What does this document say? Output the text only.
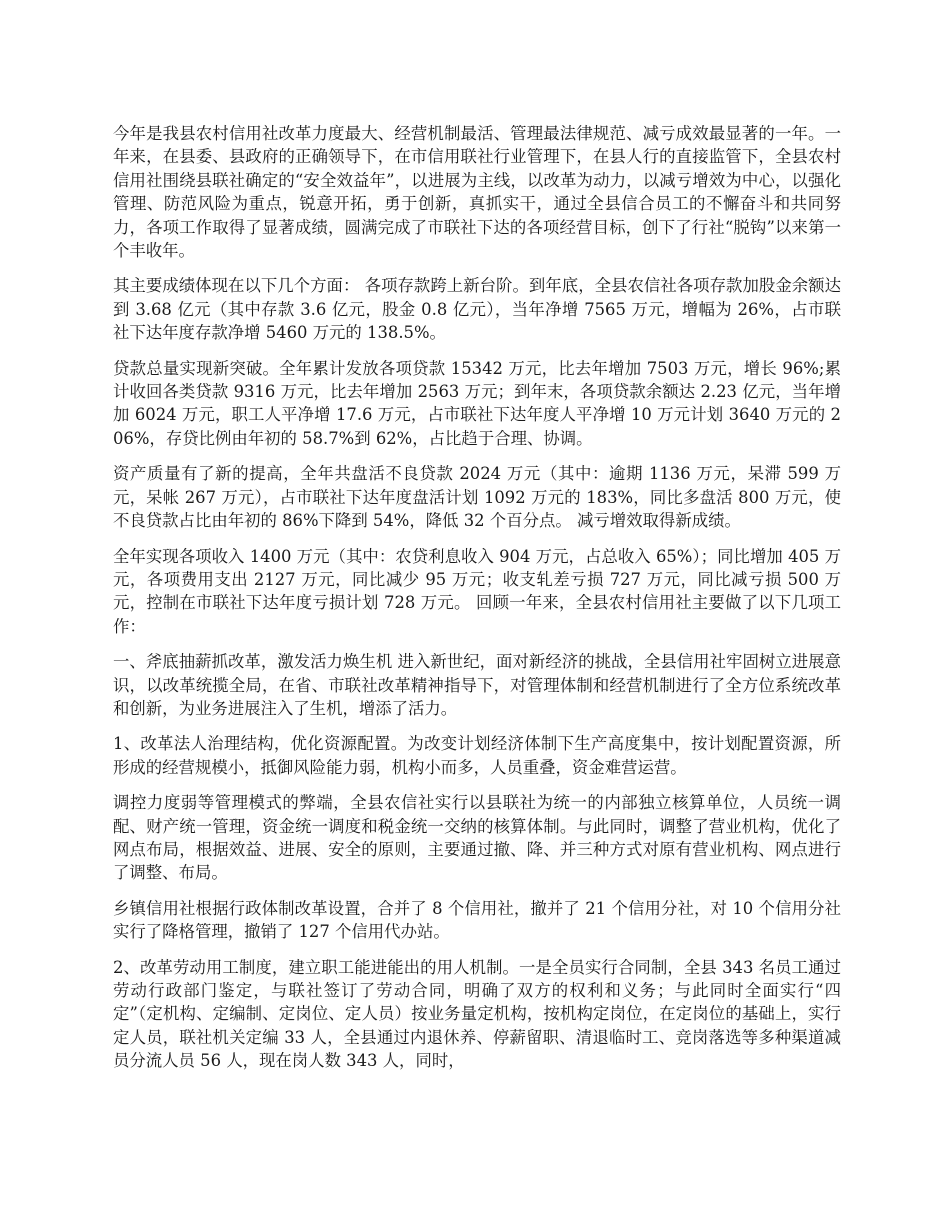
今年是我县农村信用社改革力度最大、经营机制最活、管理最法律规范、减亏成效最显著的一年。一年来，在县委、县政府的正确领导下，在市信用联社行业管理下，在县人行的直接监管下，全县农村信用社围绕县联社确定的“安全效益年”，以进展为主线，以改革为动力，以减亏增效为中心，以强化管理、防范风险为重点，锐意开拓，勇于创新，真抓实干，通过全县信合员工的不懈奋斗和共同努力，各项工作取得了显著成绩，圆满完成了市联社下达的各项经营目标，创下了行社“脱钩”以来第一个丰收年。

其主要成绩体现在以下几个方面： 各项存款跨上新台阶。到年底，全县农信社各项存款加股金余额达到 3.68 亿元（其中存款 3.6 亿元，股金 0.8 亿元），当年净增 7565 万元，增幅为 26%，占市联社下达年度存款净增 5460 万元的 138.5%。

贷款总量实现新突破。全年累计发放各项贷款 15342 万元，比去年增加 7503 万元，增长 96%;累计收回各类贷款 9316 万元，比去年增加 2563 万元；到年末，各项贷款余额达 2.23 亿元，当年增加 6024 万元，职工人平净增 17.6 万元，占市联社下达年度人平净增 10 万元计划 3640 万元的 206%，存贷比例由年初的 58.7%到 62%，占比趋于合理、协调。

资产质量有了新的提高，全年共盘活不良贷款 2024 万元（其中：逾期 1136 万元，呆滞 599 万元，呆帐 267 万元），占市联社下达年度盘活计划 1092 万元的 183%，同比多盘活 800 万元，使不良贷款占比由年初的 86%下降到 54%，降低 32 个百分点。 减亏增效取得新成绩。

全年实现各项收入 1400 万元（其中：农贷利息收入 904 万元，占总收入 65%）；同比增加 405 万元，各项费用支出 2127 万元，同比减少 95 万元；收支轧差亏损 727 万元，同比减亏损 500 万元，控制在市联社下达年度亏损计划 728 万元。 回顾一年来，全县农村信用社主要做了以下几项工作：

一、斧底抽薪抓改革，激发活力焕生机 进入新世纪，面对新经济的挑战，全县信用社牢固树立进展意识，以改革统揽全局，在省、市联社改革精神指导下，对管理体制和经营机制进行了全方位系统改革和创新，为业务进展注入了生机，增添了活力。

1、改革法人治理结构，优化资源配置。为改变计划经济体制下生产高度集中，按计划配置资源，所形成的经营规模小，抵御风险能力弱，机构小而多，人员重叠，资金难营运营。

调控力度弱等管理模式的弊端，全县农信社实行以县联社为统一的内部独立核算单位，人员统一调配、财产统一管理，资金统一调度和税金统一交纳的核算体制。与此同时，调整了营业机构，优化了网点布局，根据效益、进展、安全的原则，主要通过撤、降、并三种方式对原有营业机构、网点进行了调整、布局。

乡镇信用社根据行政体制改革设置，合并了 8 个信用社，撤并了 21 个信用分社，对 10 个信用分社实行了降格管理，撤销了 127 个信用代办站。

2、改革劳动用工制度，建立职工能进能出的用人机制。一是全员实行合同制，全县 343 名员工通过劳动行政部门鉴定，与联社签订了劳动合同，明确了双方的权利和义务；与此同时全面实行“四定”（定机构、定编制、定岗位、定人员）按业务量定机构，按机构定岗位，在定岗位的基础上，实行定人员，联社机关定编 33 人，全县通过内退休养、停薪留职、清退临时工、竞岗落选等多种渠道减员分流人员 56 人，现在岗人数 343 人，同时，
